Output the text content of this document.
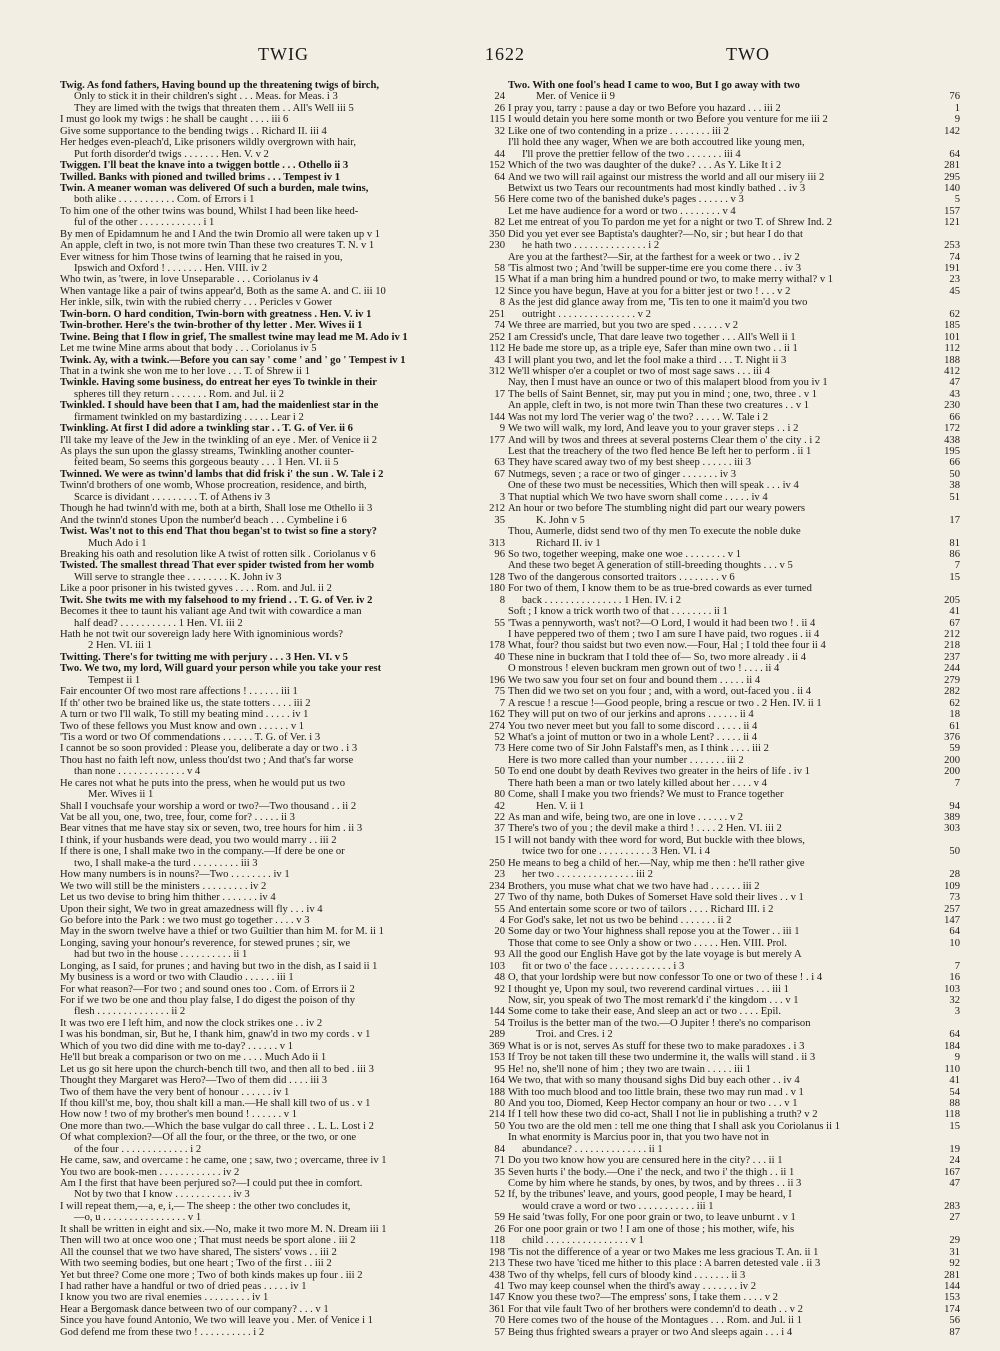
TWIG	1622	TWO
Twig. As fond fathers, Having bound up the threatening twigs of birch,
Only to stick it in their children's sight . . . Meas. for Meas. i 3	24
They are limed with the twigs that threaten them . . All's Well iii 5	26
I must go look my twigs : he shall be caught . . . . iii 6	115
Give some supportance to the bending twigs . . Richard II. iii 4	32
Her hedges even-pleach'd, Like prisoners wildly overgrown with hair,
Put forth disorder'd twigs . . . . . . . Hen. V. v 2	44
Twiggen. I'll beat the knave into a twiggen bottle . . . Othello ii 3	152
Twilled. Banks with pioned and twilled brims . . . Tempest iv 1	64
Twin. A meaner woman was delivered Of such a burden, male twins,
both alike . . . . . . . . . . . Com. of Errors i 1	56
To him one of the other twins was bound, Whilst I had been like heed-
ful of the other . . . . . . . . . . . . i 1	82
By men of Epidamnum he and I And the twin Dromio all were taken up v 1	350
An apple, cleft in two, is not more twin Than these two creatures T. N. v 1	230
Ever witness for him Those twins of learning that he raised in you,
Ipswich and Oxford ! . . . . . . . Hen. VIII. iv 2	58
Who twin, as 'twere, in love Unseparable . . . Coriolanus iv 4	15
When vantage like a pair of twins appear'd, Both as the same A. and C. iii 10	12
Her inkle, silk, twin with the rubied cherry . . . Pericles v Gower	8
Twin-born. O hard condition, Twin-born with greatness . Hen. V. iv 1	251
Twin-brother. Here's the twin-brother of thy letter . Mer. Wives ii 1	74
Twine. Being that I flow in grief, The smallest twine may lead me M. Ado iv 1	252
Let me twine Mine arms about that body . . . Coriolanus iv 5	112
Twink. Ay, with a twink.—Before you can say ' come ' and ' go ' Tempest iv 1	43
That in a twink she won me to her love . . . T. of Shrew ii 1	312
Twinkle. Having some business, do entreat her eyes To twinkle in their
spheres till they return . . . . . . . Rom. and Jul. ii 2	17
Twinkled. I should have been that I am, had the maidenliest star in the
firmament twinkled on my bastardizing . . . . . Lear i 2	144
Twinkling. At first I did adore a twinkling star . . T. G. of Ver. ii 6	9
I'll take my leave of the Jew in the twinkling of an eye . Mer. of Venice ii 2	177
As plays the sun upon the glassy streams, Twinkling another counter-
feited beam, So seems this gorgeous beauty . . . 1 Hen. VI. ii 5	63
Twinned. We were as twinn'd lambs that did frisk i' the sun . W. Tale i 2	67
Twinn'd brothers of one womb, Whose procreation, residence, and birth,
Scarce is dividant . . . . . . . . . T. of Athens iv 3	3
Though he had twinn'd with me, both at a birth, Shall lose me Othello ii 3	212
And the twinn'd stones Upon the number'd beach . . . Cymbeline i 6	35
Twist. Was't not to this end That thou began'st to twist so fine a story?
Much Ado i 1	313
Breaking his oath and resolution like A twist of rotten silk . Coriolanus v 6	96
Twisted. The smallest thread That ever spider twisted from her womb
Will serve to strangle thee . . . . . . . . K. John iv 3	128
Like a poor prisoner in his twisted gyves . . . . Rom. and Jul. ii 2	180
Twit. She twits me with my falsehood to my friend . . T. G. of Ver. iv 2	8
Becomes it thee to taunt his valiant age And twit with cowardice a man
half dead? . . . . . . . . . . . 1 Hen. VI. iii 2	55
Hath he not twit our sovereign lady here With ignominious words?
2 Hen. VI. iii 1	178
Twitting. There's for twitting me with perjury . . . 3 Hen. VI. v 5	40
Two. We two, my lord, Will guard your person while you take your rest
Tempest ii 1	196
Fair encounter Of two most rare affections ! . . . . . . iii 1	75
If th' other two be brained like us, the state totters . . . . iii 2	7
A turn or two I'll walk, To still my beating mind . . . . . iv 1	162
Two of these fellows you Must know and own . . . . . . v 1	274
'Tis a word or two Of commendations . . . . . . T. G. of Ver. i 3	52
I cannot be so soon provided : Please you, deliberate a day or two . i 3	73
Thou hast no faith left now, unless thou'dst two ; And that's far worse
than none . . . . . . . . . . . . . v 4	50
He cares not what he puts into the press, when he would put us two
Mer. Wives ii 1	80
Shall I vouchsafe your worship a word or two?—Two thousand . . ii 2	42
Vat be all you, one, two, tree, four, come for? . . . . . ii 3	22
Bear vitnes that me have stay six or seven, two, tree hours for him . ii 3	37
I think, if your husbands were dead, you two would marry . . iii 2	15
If there is one, I shall make two in the company.—If dere be one or
two, I shall make-a the turd . . . . . . . . . iii 3	250
How many numbers is in nouns?—Two . . . . . . . . iv 1	23
We two will still be the ministers . . . . . . . . . iv 2	234
Let us two devise to bring him thither . . . . . . . iv 4	27
Upon their sight, We two in great amazedness will fly . . . iv 4	55
Go before into the Park : we two must go together . . . . v 3	4
May in the sworn twelve have a thief or two Guiltier than him M. for M. ii 1	20
Longing, saving your honour's reverence, for stewed prunes ; sir, we
had but two in the house . . . . . . . . . . ii 1	93
Longing, as I said, for prunes ; and having but two in the dish, as I said ii 1	103
My business is a word or two with Claudio . . . . . . iii 1	48
For what reason?—For two ; and sound ones too . Com. of Errors ii 2	92
For if we two be one and thou play false, I do digest the poison of thy
flesh . . . . . . . . . . . . . . ii 2	144
It was two ere I left him, and now the clock strikes one . . iv 2	54
I was his bondman, sir, But he, I thank him, gnaw'd in two my cords . v 1	289
Which of you two did dine with me to-day? . . . . . . v 1	369
He'll but break a comparison or two on me . . . . Much Ado ii 1	153
Let us go sit here upon the church-bench till two, and then all to bed . iii 3	95
Thought they Margaret was Hero?—Two of them did . . . . iii 3	164
Two of them have the very bent of honour . . . . . . iv 1	188
If thou kill'st me, boy, thou shalt kill a man.—He shall kill two of us . v 1	80
How now ! two of my brother's men bound ! . . . . . . v 1	214
One more than two.—Which the base vulgar do call three . . L. L. Lost i 2	50
Of what complexion?—Of all the four, or the three, or the two, or one
of the four . . . . . . . . . . . . . i 2	84
He came, saw, and overcame : he came, one ; saw, two ; overcame, three iv 1	71
You two are book-men . . . . . . . . . . . . iv 2	35
Am I the first that have been perjured so?—I could put thee in comfort.
Not by two that I know . . . . . . . . . . . iv 3	52
I will repeat them,—a, e, i,— The sheep : the other two concludes it,
—o, u . . . . . . . . . . . . . . . . v 1	59
It shall be written in eight and six.—No, make it two more M. N. Dream iii 1	26
Then will two at once woo one ; That must needs be sport alone . iii 2	118
All the counsel that we two have shared, The sisters' vows . . iii 2	198
With two seeming bodies, but one heart ; Two of the first . . iii 2	213
Yet but three? Come one more ; Two of both kinds makes up four . iii 2	438
I had rather have a handful or two of dried peas . . . . . iv 1	41
I know you two are rival enemies . . . . . . . . . iv 1	147
Hear a Bergomask dance between two of our company? . . . v 1	361
Since you have found Antonio, We two will leave you . Mer. of Venice i 1	70
God defend me from these two ! . . . . . . . . . . i 2	57
Two. With one fool's head I came to woo, But I go away with two
Mer. of Venice ii 9	76
I pray you, tarry : pause a day or two Before you hazard . . . iii 2	1
I would detain you here some month or two Before you venture for me iii 2	9
Like one of two contending in a prize . . . . . . . . iii 2	142
I'll hold thee any wager, When we are both accoutred like young men,
I'll prove the prettier fellow of the two . . . . . . . iii 4	64
Which of the two was daughter of the duke? . . . As Y. Like It i 2	281
And we two will rail against our mistress the world and all our misery iii 2	295
Betwixt us two Tears our recountments had most kindly bathed . . iv 3	140
Here come two of the banished duke's pages . . . . . . v 3	5
Let me have audience for a word or two . . . . . . . . v 4	157
Let me entreat of you To pardon me yet for a night or two T. of Shrew Ind. 2	121
Did you yet ever see Baptista's daughter?—No, sir ; but hear I do that
he hath two . . . . . . . . . . . . . . i 2	253
Are you at the farthest?—Sir, at the farthest for a week or two . . iv 2	74
'Tis almost two ; And 'twill be supper-time ere you come there . . iv 3	191
What if a man bring him a hundred pound or two, to make merry withal? v 1	23
Since you have begun, Have at you for a bitter jest or two ! . . . v 2	45
As the jest did glance away from me, 'Tis ten to one it maim'd you two
outright . . . . . . . . . . . . . . . v 2	62
We three are married, but you two are sped . . . . . . v 2	185
I am Cressid's uncle, That dare leave two together . . . All's Well ii 1	101
He bade me store up, as a triple eye, Safer than mine own two . . ii 1	112
I will plant you two, and let the fool make a third . . . T. Night ii 3	188
We'll whisper o'er a couplet or two of most sage saws . . . iii 4	412
Nay, then I must have an ounce or two of this malapert blood from you iv 1	47
The bells of Saint Bennet, sir, may put you in mind ; one, two, three . v 1	43
An apple, cleft in two, is not more twin Than these two creatures . . v 1	230
Was not my lord The verier wag o' the two? . . . . . W. Tale i 2	66
We two will walk, my lord, And leave you to your graver steps . . i 2	172
And will by twos and threes at several posterns Clear them o' the city . i 2	438
Lest that the treachery of the two fled hence Be left her to perform . ii 1	195
They have scared away two of my best sheep . . . . . . iii 3	66
Nutmegs, seven ; a race or two of ginger . . . . . . . iv 3	50
One of these two must be necessities, Which then will speak . . . iv 4	38
That nuptial which We two have sworn shall come . . . . . iv 4	51
An hour or two before The stumbling night did part our weary powers
K. John v 5	17
Thou, Aumerle, didst send two of thy men To execute the noble duke
Richard II. iv 1	81
So two, together weeping, make one woe . . . . . . . . v 1	86
And these two beget A generation of still-breeding thoughts . . . v 5	7
Two of the dangerous consorted traitors . . . . . . . . v 6	15
For two of them, I know them to be as true-bred cowards as ever turned
back . . . . . . . . . . . . . . . 1 Hen. IV. i 2	205
Soft ; I know a trick worth two of that . . . . . . . . ii 1	41
'Twas a pennyworth, was't not?—O Lord, I would it had been two ! . ii 4	67
I have peppered two of them ; two I am sure I have paid, two rogues . ii 4	212
What, four? thou saidst but two even now.—Four, Hal ; I told thee four ii 4	218
These nine in buckram that I told thee of— So, two more already . ii 4	237
O monstrous ! eleven buckram men grown out of two ! . . . . ii 4	244
We two saw you four set on four and bound them . . . . . ii 4	279
Then did we two set on you four ; and, with a word, out-faced you . ii 4	282
A rescue ! a rescue !—Good people, bring a rescue or two . 2 Hen. IV. ii 1	62
They will put on two of our jerkins and aprons . . . . . . ii 4	18
You two never meet but you fall to some discord . . . . . ii 4	61
What's a joint of mutton or two in a whole Lent? . . . . . ii 4	376
Here come two of Sir John Falstaff's men, as I think . . . . iii 2	59
Here is two more called than your number . . . . . . . iii 2	200
To end one doubt by death Revives two greater in the heirs of life . iv 1	200
There hath been a man or two lately killed about her . . . . v 4	7
Come, shall I make you two friends? We must to France together
Hen. V. ii 1	94
As man and wife, being two, are one in love . . . . . . v 2	389
There's two of you ; the devil make a third ! . . . . 2 Hen. VI. iii 2	303
I will not bandy with thee word for word, But buckle with thee blows,
twice two for one . . . . . . . . . . 3 Hen. VI. i 4	50
He means to beg a child of her.—Nay, whip me then : he'll rather give
her two . . . . . . . . . . . . . . . iii 2	28
Brothers, you muse what chat we two have had . . . . . . iii 2	109
Two of thy name, both Dukes of Somerset Have sold their lives . . v 1	73
And entertain some score or two of tailors . . . . Richard III. i 2	257
For God's sake, let not us two be behind . . . . . . . ii 2	147
Some day or two Your highness shall repose you at the Tower . . iii 1	64
Those that come to see Only a show or two . . . . . Hen. VIII. Prol.	10
All the good our English Have got by the late voyage is but merely A
fit or two o' the face . . . . . . . . . . . . i 3	7
O, that your lordship were but now confessor To one or two of these ! . i 4	16
I thought ye, Upon my soul, two reverend cardinal virtues . . . iii 1	103
Now, sir, you speak of two The most remark'd i' the kingdom . . . v 1	32
Some come to take their ease, And sleep an act or two . . . . Epil.	3
Troilus is the better man of the two.—O Jupiter ! there's no comparison
Troi. and Cres. i 2	64
What is or is not, serves As stuff for these two to make paradoxes . i 3	184
If Troy be not taken till these two undermine it, the walls will stand . ii 3	9
He! no, she'll none of him ; they two are twain . . . . . iii 1	110
We two, that with so many thousand sighs Did buy each other . . iv 4	41
With too much blood and too little brain, these two may run mad . v 1	54
And you too, Diomed, Keep Hector company an hour or two . . . v 1	88
If I tell how these two did co-act, Shall I not lie in publishing a truth? v 2	118
You two are the old men : tell me one thing that I shall ask you Coriolanus ii 1	15
In what enormity is Marcius poor in, that you two have not in
abundance? . . . . . . . . . . . . . . ii 1	19
Do you two know how you are censured here in the city? . . . ii 1	24
Seven hurts i' the body.—One i' the neck, and two i' the thigh . . ii 1	167
Come by him where he stands, by ones, by twos, and by threes . . ii 3	47
If, by the tribunes' leave, and yours, good people, I may be heard, I
would crave a word or two . . . . . . . . . . . iii 1	283
He said 'twas folly, For one poor grain or two, to leave unburnt . v 1	27
For one poor grain or two ! I am one of those ; his mother, wife, his
child . . . . . . . . . . . . . . . . v 1	29
'Tis not the difference of a year or two Makes me less gracious T. An. ii 1	31
These two have 'ticed me hither to this place : A barren detested vale . ii 3	92
Two of thy whelps, fell curs of bloody kind . . . . . . . ii 3	281
Two may keep counsel when the third's away . . . . . . . iv 2	144
Know you these two?—The empress' sons, I take them . . . . v 2	153
For that vile fault Two of her brothers were condemn'd to death . . v 2	174
Here comes two of the house of the Montagues . . . Rom. and Jul. ii 1	56
Being thus frighted swears a prayer or two And sleeps again . . . i 4	87
